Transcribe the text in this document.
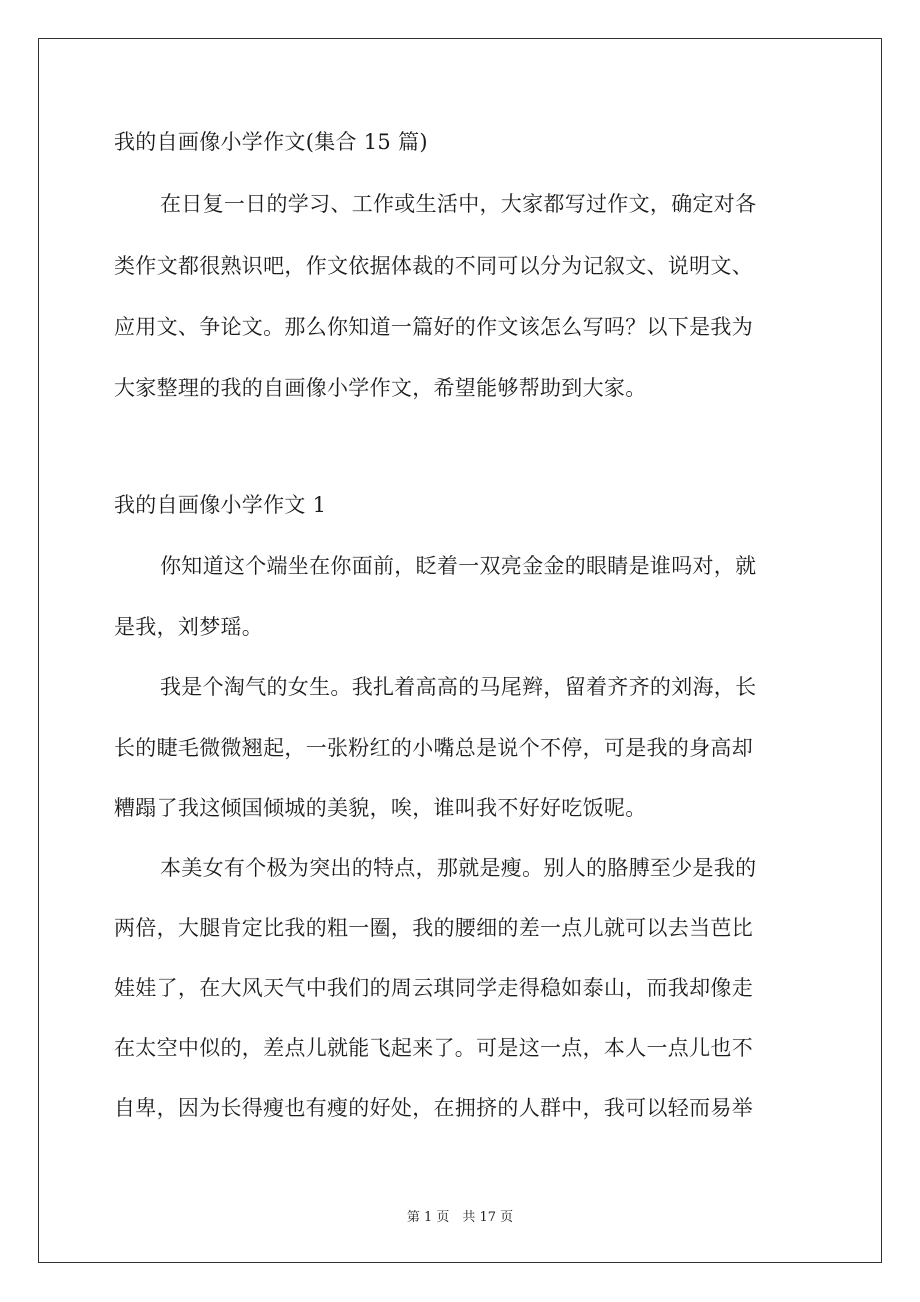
我的自画像小学作文(集合 15 篇)
在日复一日的学习、工作或生活中，大家都写过作文，确定对各
类作文都很熟识吧，作文依据体裁的不同可以分为记叙文、说明文、
应用文、争论文。那么你知道一篇好的作文该怎么写吗？以下是我为
大家整理的我的自画像小学作文，希望能够帮助到大家。
我的自画像小学作文 1
你知道这个端坐在你面前，眨着一双亮金金的眼睛是谁吗对，就
是我，刘梦瑶。
我是个淘气的女生。我扎着高高的马尾辫，留着齐齐的刘海，长
长的睫毛微微翘起，一张粉红的小嘴总是说个不停，可是我的身高却
糟蹋了我这倾国倾城的美貌，唉，谁叫我不好好吃饭呢。
本美女有个极为突出的特点，那就是瘦。别人的胳膊至少是我的
两倍，大腿肯定比我的粗一圈，我的腰细的差一点儿就可以去当芭比
娃娃了，在大风天气中我们的周云琪同学走得稳如泰山，而我却像走
在太空中似的，差点儿就能飞起来了。可是这一点，本人一点儿也不
自卑，因为长得瘦也有瘦的好处，在拥挤的人群中，我可以轻而易举
第 1 页　共 17 页
